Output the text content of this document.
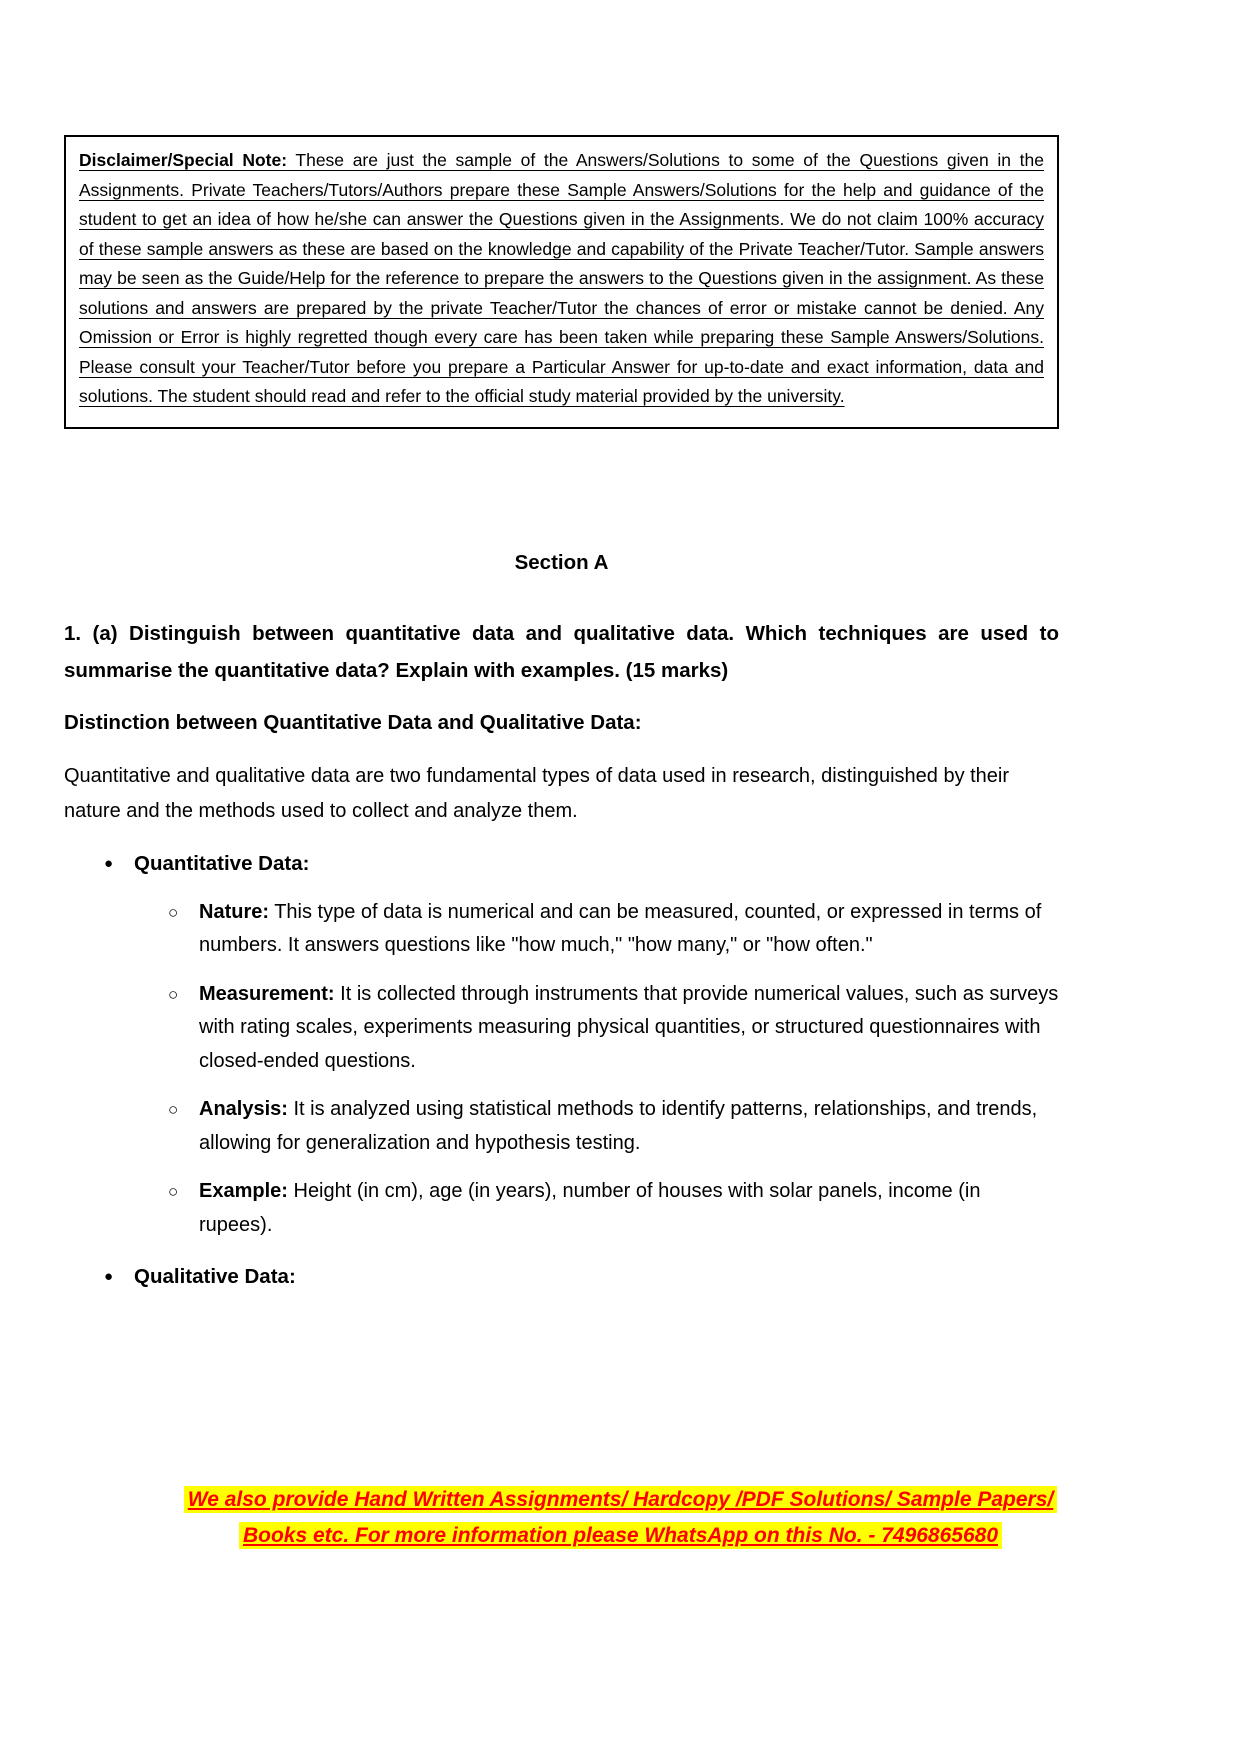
Disclaimer/Special Note: These are just the sample of the Answers/Solutions to some of the Questions given in the Assignments. Private Teachers/Tutors/Authors prepare these Sample Answers/Solutions for the help and guidance of the student to get an idea of how he/she can answer the Questions given in the Assignments. We do not claim 100% accuracy of these sample answers as these are based on the knowledge and capability of the Private Teacher/Tutor. Sample answers may be seen as the Guide/Help for the reference to prepare the answers to the Questions given in the assignment. As these solutions and answers are prepared by the private Teacher/Tutor the chances of error or mistake cannot be denied. Any Omission or Error is highly regretted though every care has been taken while preparing these Sample Answers/Solutions. Please consult your Teacher/Tutor before you prepare a Particular Answer for up-to-date and exact information, data and solutions. The student should read and refer to the official study material provided by the university.

Section A
1. (a) Distinguish between quantitative data and qualitative data. Which techniques are used to summarise the quantitative data? Explain with examples. (15 marks)
Distinction between Quantitative Data and Qualitative Data:

Quantitative and qualitative data are two fundamental types of data used in research, distinguished by their nature and the methods used to collect and analyze them.

●	Quantitative Data:
○	Nature: This type of data is numerical and can be measured, counted, or expressed in terms of numbers. It answers questions like "how much," "how many," or "how often."
○	Measurement: It is collected through instruments that provide numerical values, such as surveys with rating scales, experiments measuring physical quantities, or structured questionnaires with closed-ended questions.
○	Analysis: It is analyzed using statistical methods to identify patterns, relationships, and trends, allowing for generalization and hypothesis testing.
○	Example: Height (in cm), age (in years), number of houses with solar panels, income (in rupees).
●	Qualitative Data:
We also provide Hand Written Assignments/ Hardcopy /PDF Solutions/ Sample Papers/
Books etc. For more information please WhatsApp on this No. - 7496865680
